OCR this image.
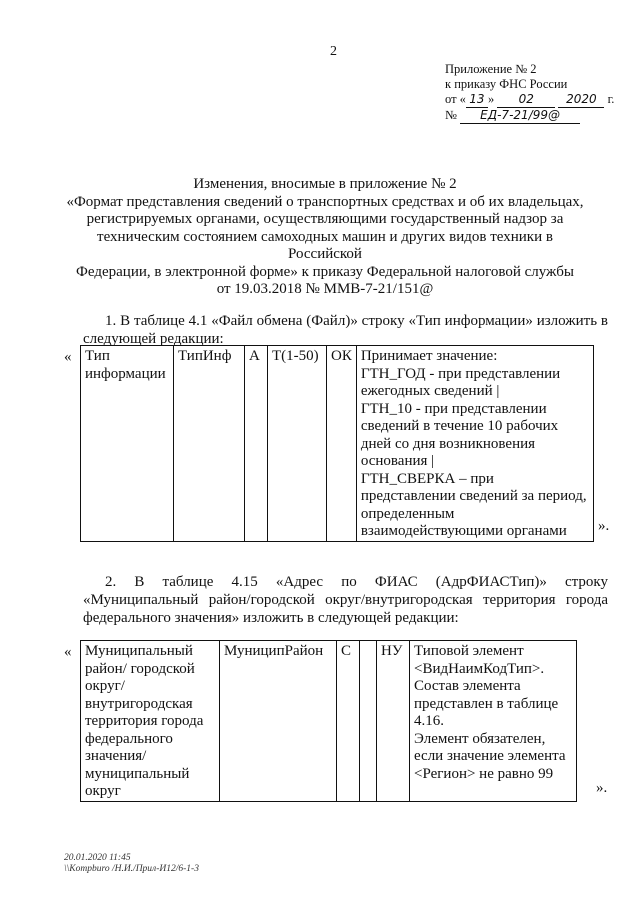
2
Приложение № 2
к приказу ФНС России
от « 13 » 02	2020 г.
№ ЕД-7-21/99@
Изменения, вносимые в приложение № 2
«Формат представления сведений о транспортных средствах и об их владельцах,
регистрируемых органами, осуществляющими государственный надзор за
техническим состоянием самоходных машин и других видов техники в Российской
Федерации, в электронной форме» к приказу Федеральной налоговой службы
от 19.03.2018 № ММВ-7-21/151@
1. В таблице 4.1 «Файл обмена (Файл)» строку «Тип информации» изложить в следующей редакции:
« Тип информации	ТипИнф	А	Т(1-50)	ОК	Принимает значение:
ГТН_ГОД - при представлении
ежегодных сведений |
ГТН_10 - при представлении
сведений в течение 10 рабочих
дней со дня возникновения
основания |
ГТН_СВЕРКА – при
представлении сведений за период,
определенным
взаимодействующими органами	».
2. В таблице 4.15 «Адрес по ФИАС (АдрФИАСТип)» строку
«Муниципальный район/городской округ/внутригородская территория города федерального значения» изложить в следующей редакции:
« Муниципальный
район/ городской
округ/
внутригородская
территория города
федерального
значения/
муниципальный
округ
	МуниципРайон	С		НУ	Типовой элемент
<ВидНаимКодТип>.
Состав элемента
представлен в таблице
4.16.
Элемент обязателен,
если значение элемента
<Регион> не равно 99
».
20.01.2020 11:45
\\Kompburo /Н.И./Прил-И12/6-1-3
